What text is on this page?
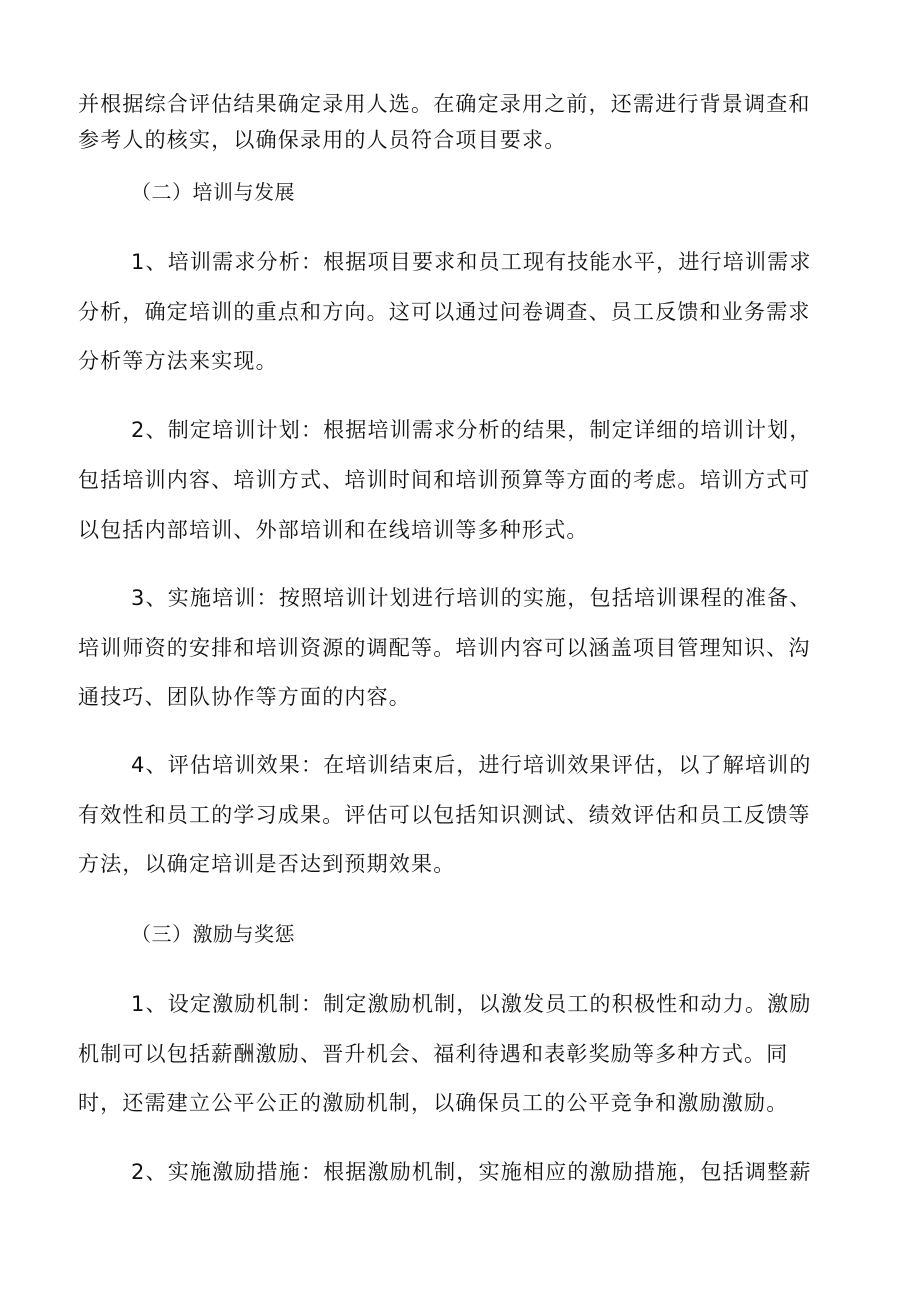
并根据综合评估结果确定录用人选。在确定录用之前，还需进行背景调查和
参考人的核实，以确保录用的人员符合项目要求。
（二）培训与发展
1、培训需求分析：根据项目要求和员工现有技能水平，进行培训需求
分析，确定培训的重点和方向。这可以通过问卷调查、员工反馈和业务需求
分析等方法来实现。
2、制定培训计划：根据培训需求分析的结果，制定详细的培训计划，
包括培训内容、培训方式、培训时间和培训预算等方面的考虑。培训方式可
以包括内部培训、外部培训和在线培训等多种形式。
3、实施培训：按照培训计划进行培训的实施，包括培训课程的准备、
培训师资的安排和培训资源的调配等。培训内容可以涵盖项目管理知识、沟
通技巧、团队协作等方面的内容。
4、评估培训效果：在培训结束后，进行培训效果评估，以了解培训的
有效性和员工的学习成果。评估可以包括知识测试、绩效评估和员工反馈等
方法，以确定培训是否达到预期效果。
（三）激励与奖惩
1、设定激励机制：制定激励机制，以激发员工的积极性和动力。激励
机制可以包括薪酬激励、晋升机会、福利待遇和表彰奖励等多种方式。同
时，还需建立公平公正的激励机制，以确保员工的公平竞争和激励激励。
2、实施激励措施：根据激励机制，实施相应的激励措施，包括调整薪
